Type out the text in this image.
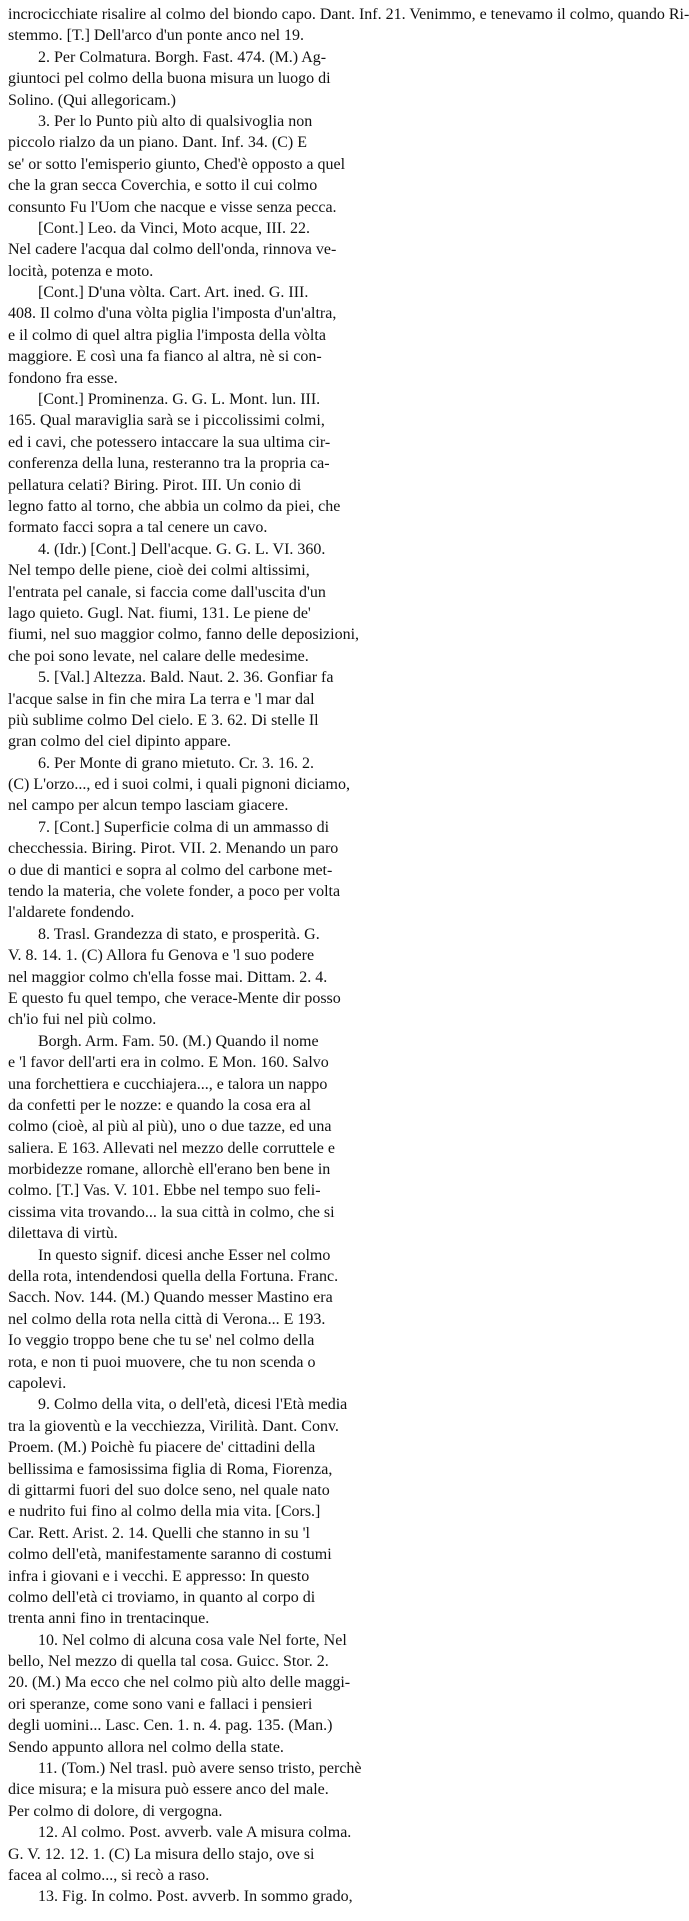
incrocicchiate risalire al colmo del biondo capo. Dant. Inf. 21. Venimmo, e tenevamo il colmo, quando Ri-
stemmo. [T.] Dell'arco d'un ponte anco nel 19.
2. Per Colmatura. Borgh. Fast. 474. (M.) Ag-
giuntoci pel colmo della buona misura un luogo di
Solino. (Qui allegoricam.)
3. Per lo Punto più alto di qualsivoglia non
piccolo rialzo da un piano. Dant. Inf. 34. (C) E
se' or sotto l'emisperio giunto, Ched'è opposto a quel
che la gran secca Coverchia, e sotto il cui colmo
consunto Fu l'Uom che nacque e visse senza pecca.
[Cont.] Leo. da Vinci, Moto acque, III. 22.
Nel cadere l'acqua dal colmo dell'onda, rinnova ve-
locità, potenza e moto.
[Cont.] D'una vòlta. Cart. Art. ined. G. III.
408. Il colmo d'una vòlta piglia l'imposta d'un'altra,
e il colmo di quel altra piglia l'imposta della vòlta
maggiore. E così una fa fianco al altra, nè si con-
fondono fra esse.
[Cont.] Prominenza. G. G. L. Mont. lun. III.
165. Qual maraviglia sarà se i piccolissimi colmi,
ed i cavi, che potessero intaccare la sua ultima cir-
conferenza della luna, resteranno tra la propria ca-
pellatura celati? Biring. Pirot. III. Un conio di
legno fatto al torno, che abbia un colmo da piei, che
formato facci sopra a tal cenere un cavo.
4. (Idr.) [Cont.] Dell'acque. G. G. L. VI. 360.
Nel tempo delle piene, cioè dei colmi altissimi,
l'entrata pel canale, si faccia come dall'uscita d'un
lago quieto. Gugl. Nat. fiumi, 131. Le piene de'
fiumi, nel suo maggior colmo, fanno delle deposizioni,
che poi sono levate, nel calare delle medesime.
5. [Val.] Altezza. Bald. Naut. 2. 36. Gonfiar fa
l'acque salse in fin che mira La terra e 'l mar dal
più sublime colmo Del cielo. E 3. 62. Di stelle Il
gran colmo del ciel dipinto appare.
6. Per Monte di grano mietuto. Cr. 3. 16. 2.
(C) L'orzo..., ed i suoi colmi, i quali pignoni diciamo,
nel campo per alcun tempo lasciam giacere.
7. [Cont.] Superficie colma di un ammasso di
checchessia. Biring. Pirot. VII. 2. Menando un paro
o due di mantici e sopra al colmo del carbone met-
tendo la materia, che volete fonder, a poco per volta
l'aldarete fondendo.
8. Trasl. Grandezza di stato, e prosperità. G.
V. 8. 14. 1. (C) Allora fu Genova e 'l suo podere
nel maggior colmo ch'ella fosse mai. Dittam. 2. 4.
E questo fu quel tempo, che verace-Mente dir posso
ch'io fui nel più colmo.
Borgh. Arm. Fam. 50. (M.) Quando il nome
e 'l favor dell'arti era in colmo. E Mon. 160. Salvo
una forchettiera e cucchiajera..., e talora un nappo
da confetti per le nozze: e quando la cosa era al
colmo (cioè, al più al più), uno o due tazze, ed una
saliera. E 163. Allevati nel mezzo delle corruttele e
morbidezze romane, allorchè ell'erano ben bene in
colmo. [T.] Vas. V. 101. Ebbe nel tempo suo feli-
cissima vita trovando... la sua città in colmo, che si
dilettava di virtù.
In questo signif. dicesi anche Esser nel colmo
della rota, intendendosi quella della Fortuna. Franc.
Sacch. Nov. 144. (M.) Quando messer Mastino era
nel colmo della rota nella città di Verona... E 193.
Io veggio troppo bene che tu se' nel colmo della
rota, e non ti puoi muovere, che tu non scenda o
capolevi.
9. Colmo della vita, o dell'età, dicesi l'Età media
tra la gioventù e la vecchiezza, Virilità. Dant. Conv.
Proem. (M.) Poichè fu piacere de' cittadini della
bellissima e famosissima figlia di Roma, Fiorenza,
di gittarmi fuori del suo dolce seno, nel quale nato
e nudrito fui fino al colmo della mia vita. [Cors.]
Car. Rett. Arist. 2. 14. Quelli che stanno in su 'l
colmo dell'età, manifestamente saranno di costumi
infra i giovani e i vecchi. E appresso: In questo
colmo dell'età ci troviamo, in quanto al corpo di
trenta anni fino in trentacinque.
10. Nel colmo di alcuna cosa vale Nel forte, Nel
bello, Nel mezzo di quella tal cosa. Guicc. Stor. 2.
20. (M.) Ma ecco che nel colmo più alto delle maggi-
ori speranze, come sono vani e fallaci i pensieri
degli uomini... Lasc. Cen. 1. n. 4. pag. 135. (Man.)
Sendo appunto allora nel colmo della state.
11. (Tom.) Nel trasl. può avere senso tristo, perchè
dice misura; e la misura può essere anco del male.
Per colmo di dolore, di vergogna.
12. Al colmo. Post. avverb. vale A misura colma.
G. V. 12. 12. 1. (C) La misura dello stajo, ove si
facea al colmo..., si recò a raso.
13. Fig. In colmo. Post. avverb. In sommo grado,
